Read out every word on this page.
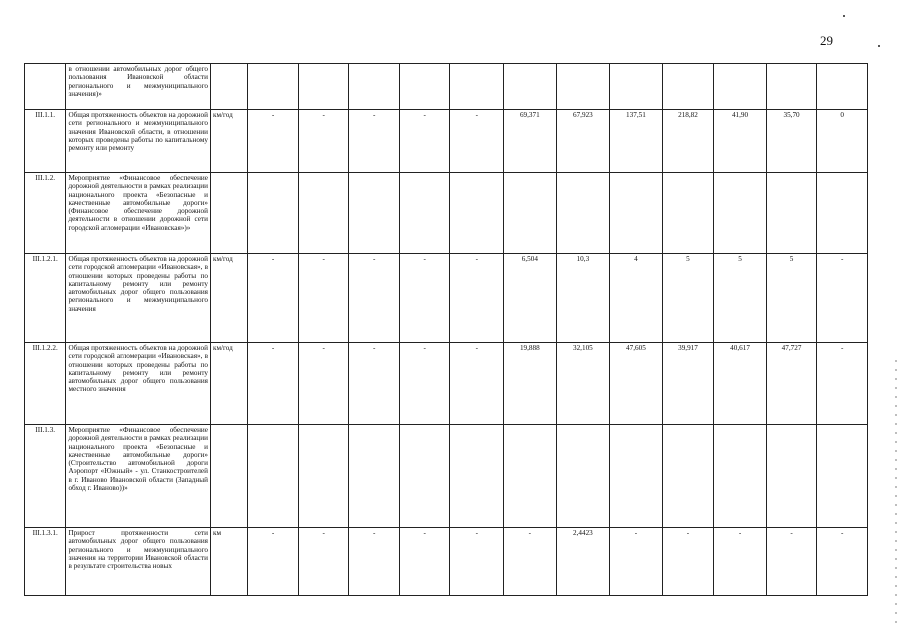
29
	в отношении автомобильных дорог общего пользования Ивановской области регионального и межмуниципального значения)»													
III.1.1.	Общая протяженность объектов на дорожной сети регионального и межмуниципального значения Ивановской области, в отношении которых проведены работы по капитальному ремонту или ремонту	км/год	-	-	-	-	-	69,371	67,923	137,51	218,82	41,90	35,70	0
III.1.2.	Мероприятие «Финансовое обеспечение дорожной деятельности в рамках реализации национального проекта «Безопасные и качественные автомобильные дороги» (Финансовое обеспечение дорожной деятельности в отношении дорожной сети городской агломерации «Ивановская»)»													
III.1.2.1.	Общая протяженность объектов на дорожной сети городской агломерации «Ивановская», в отношении которых проведены работы по капитальному ремонту или ремонту автомобильных дорог общего пользования регионального и межмуниципального значения	км/год	-	-	-	-	-	6,504	10,3	4	5	5	5	-
III.1.2.2.	Общая протяженность объектов на дорожной сети городской агломерации «Ивановская», в отношении которых проведены работы по капитальному ремонту или ремонту автомобильных дорог общего пользования местного значения	км/год	-	-	-	-	-	19,888	32,105	47,605	39,917	40,617	47,727	-
III.1.3.	Мероприятие «Финансовое обеспечение дорожной деятельности в рамках реализации национального проекта «Безопасные и качественные автомобильные дороги» (Строительство автомобильной дороги Аэропорт «Южный» - ул. Станкостроителей в г. Иваново Ивановской области (Западный обход г. Иваново))»													
III.1.3.1.	Прирост протяженности сети автомобильных дорог общего пользования регионального и межмуниципального значения на территории Ивановской области в результате строительства новых	км	-	-	-	-	-	-	2,4423	-	-	-	-	-
